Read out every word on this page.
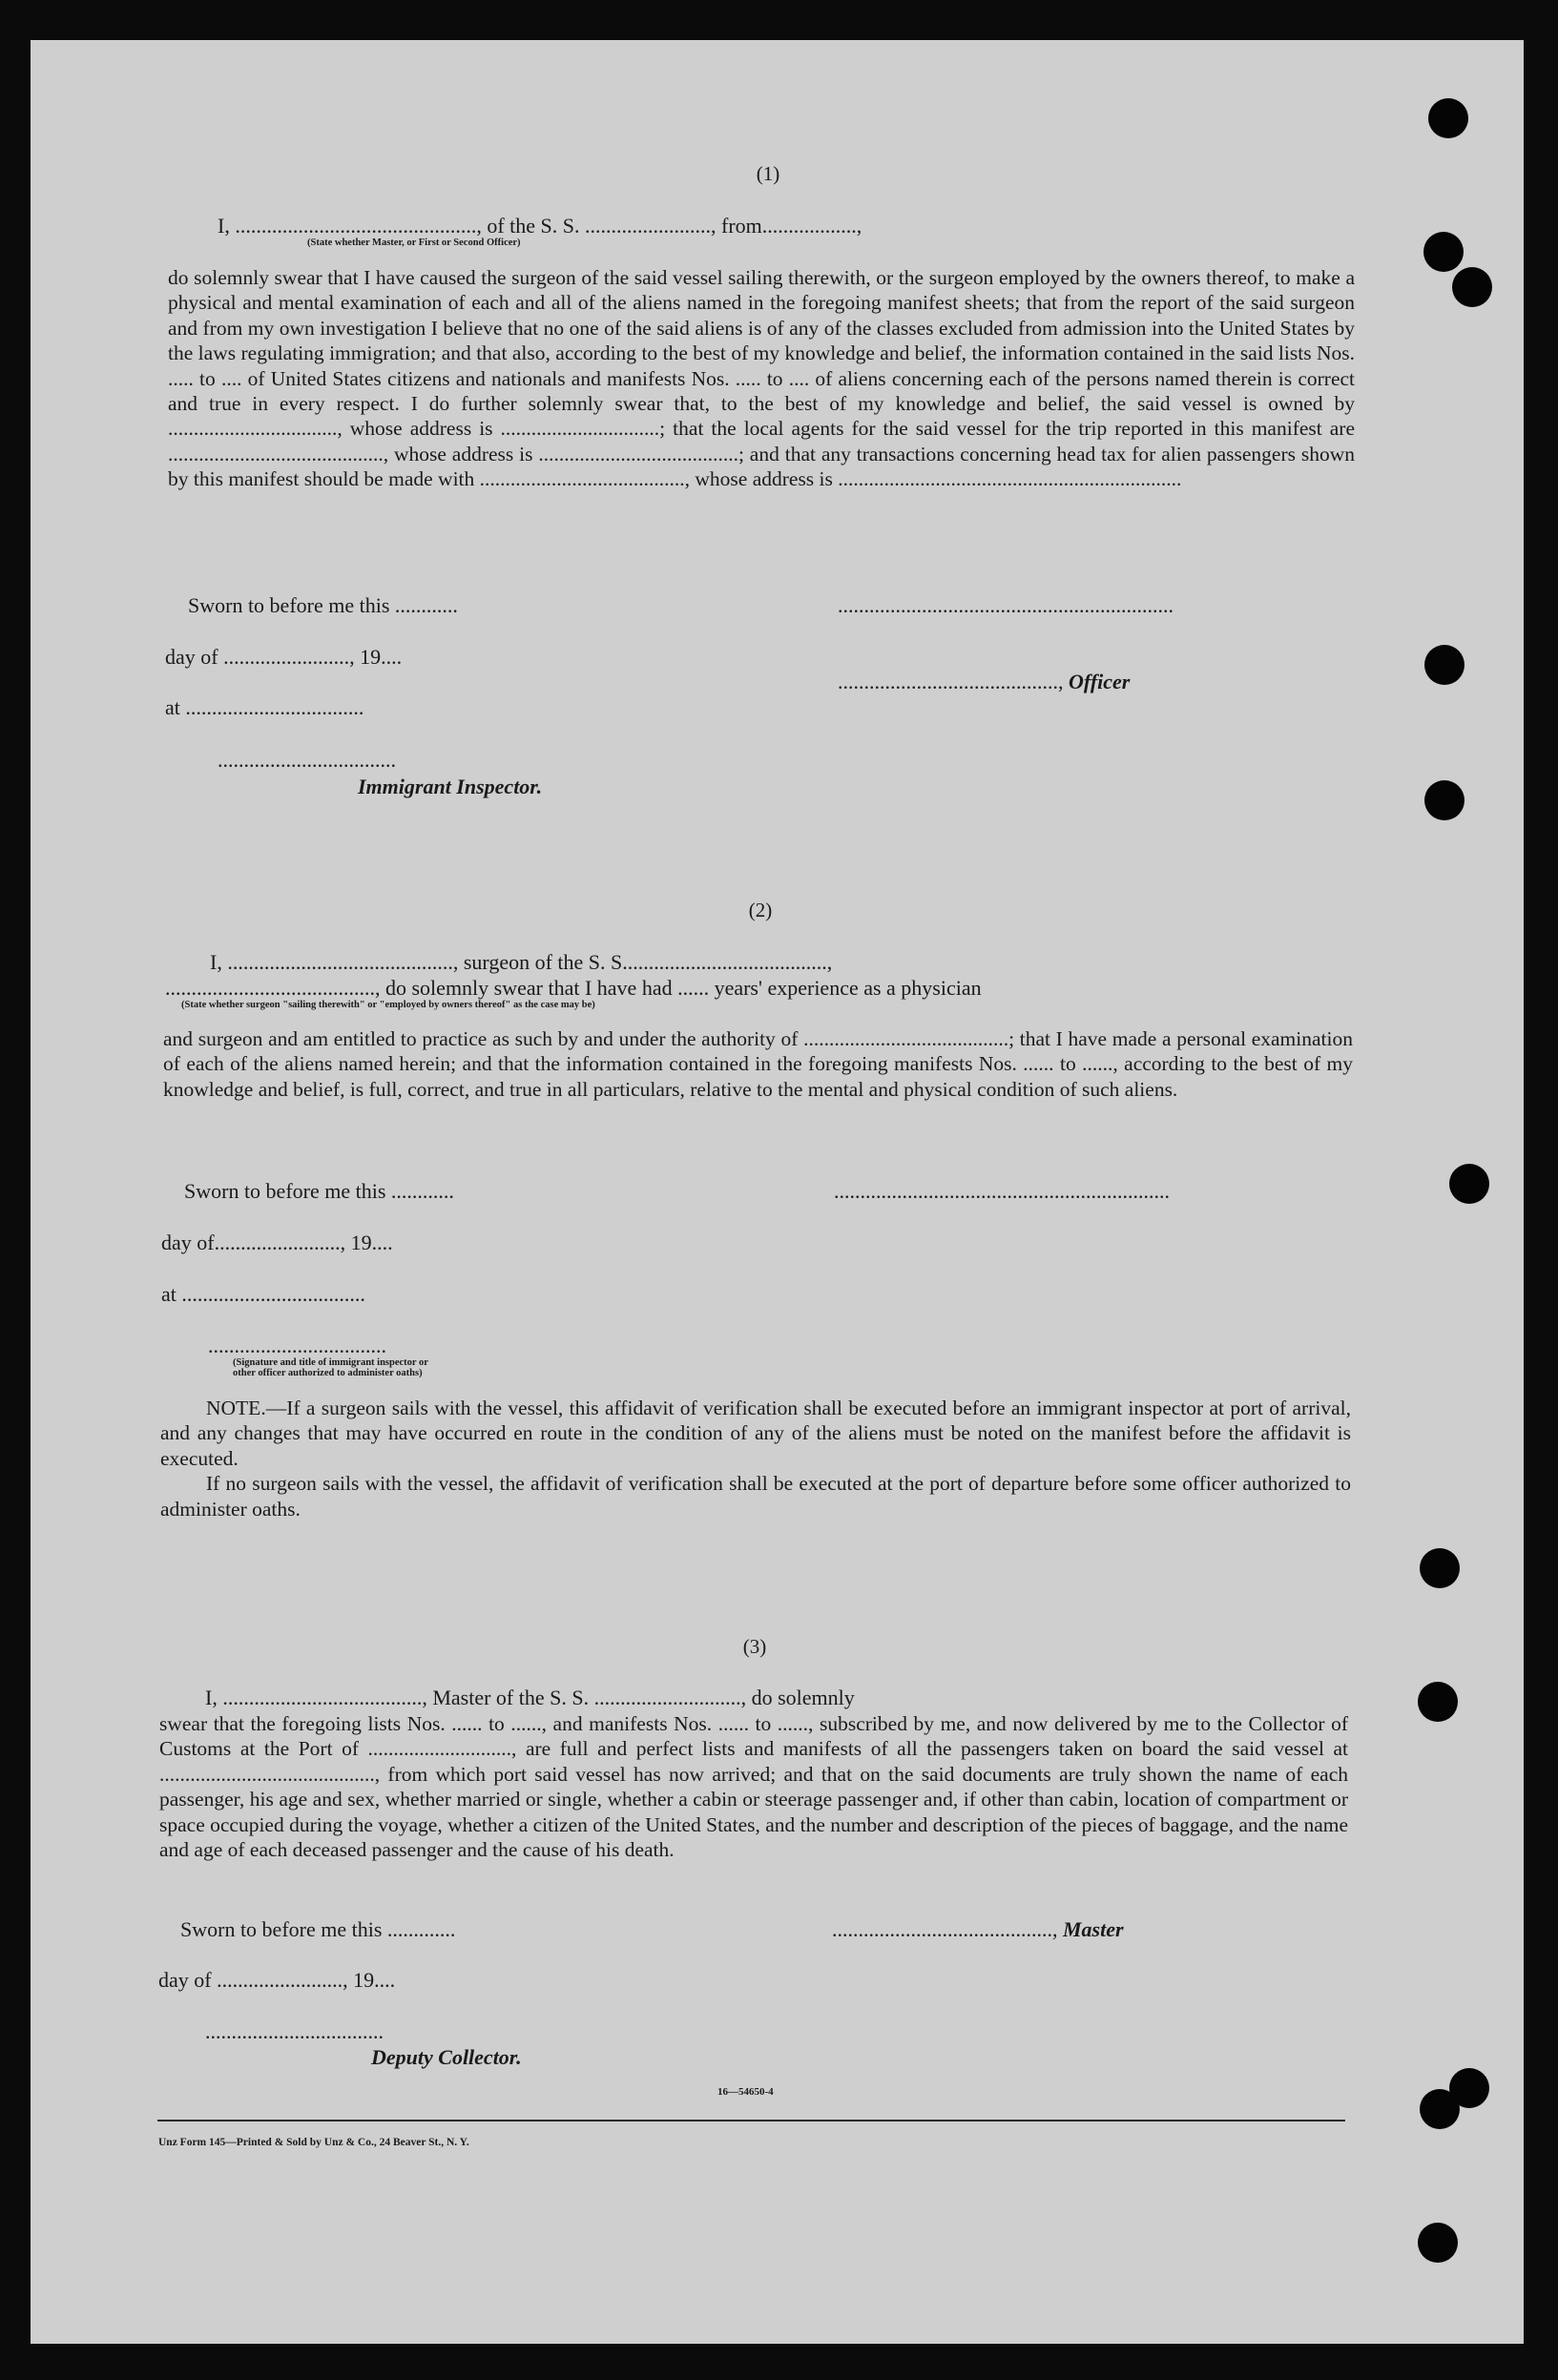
(1)
I, .............................................., of the S. S. ........................, from..................,
(State whether Master, or First or Second Officer)

do solemnly swear that I have caused the surgeon of the said vessel sailing therewith, or the surgeon employed by the owners thereof, to make a physical and mental examination of each and all of the aliens named in the foregoing manifest sheets; that from the report of the said surgeon and from my own investigation I believe that no one of the said aliens is of any of the classes excluded from admission into the United States by the laws regulating immigration; and that also, according to the best of my knowledge and belief, the information contained in the said lists Nos. ..... to .... of United States citizens and nationals and manifests Nos. ..... to .... of aliens concerning each of the persons named therein is correct and true in every respect. I do further solemnly swear that, to the best of my knowledge and belief, the said vessel is owned by ................................., whose address is ...............................; that the local agents for the said vessel for the trip reported in this manifest are .........................................., whose address is .......................................; and that any transactions concerning head tax for alien passengers shown by this manifest should be made with ........................................, whose address is ...................................................................

Sworn to before me this ............	................................................................
day of ........................, 19....
.........................................., Officer
at ..................................
..................................
Immigrant Inspector.
(2)
I, ..........................................., surgeon of the S. S.......................................,
........................................, do solemnly swear that I have had ...... years' experience as a physician
(State whether surgeon "sailing therewith" or "employed by owners thereof" as the case may be)

and surgeon and am entitled to practice as such by and under the authority of ........................................; that I have made a personal examination of each of the aliens named herein; and that the information contained in the foregoing manifests Nos. ...... to ......, according to the best of my knowledge and belief, is full, correct, and true in all particulars, relative to the mental and physical condition of such aliens.

Sworn to before me this ............	................................................................
day of........................, 19....
at ...................................
..................................
(Signature and title of immigrant inspector or
other officer authorized to administer oaths)

NOTE.—If a surgeon sails with the vessel, this affidavit of verification shall be executed before an immigrant inspector at port of arrival, and any changes that may have occurred en route in the condition of any of the aliens must be noted on the manifest before the affidavit is executed.

If no surgeon sails with the vessel, the affidavit of verification shall be executed at the port of departure before some officer authorized to administer oaths.

(3)
I, ......................................, Master of the S. S. ............................, do solemnly

swear that the foregoing lists Nos. ...... to ......, and manifests Nos. ...... to ......, subscribed by me, and now delivered by me to the Collector of Customs at the Port of ............................, are full and perfect lists and manifests of all the passengers taken on board the said vessel at .........................................., from which port said vessel has now arrived; and that on the said documents are truly shown the name of each passenger, his age and sex, whether married or single, whether a cabin or steerage passenger and, if other than cabin, location of compartment or space occupied during the voyage, whether a citizen of the United States, and the number and description of the pieces of baggage, and the name and age of each deceased passenger and the cause of his death.

Sworn to before me this .............	.........................................., Master
day of ........................, 19....
..................................
Deputy Collector.
16—54650-4
Unz Form 145—Printed & Sold by Unz & Co., 24 Beaver St., N. Y.
